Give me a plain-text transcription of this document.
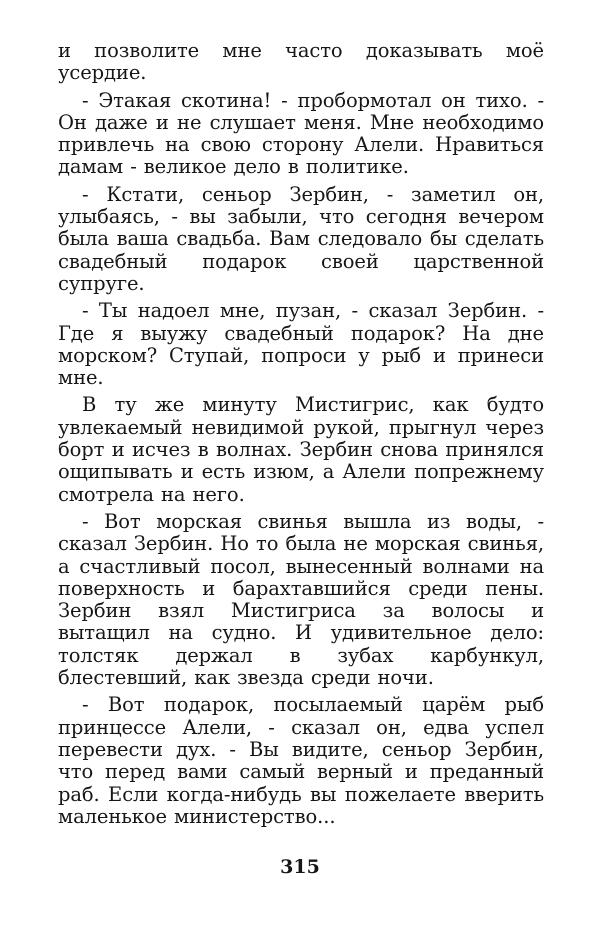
и позволите мне часто доказывать моё усердие.

- Этакая скотина! - пробормотал он тихо. - Он даже и не слушает меня. Мне необходимо привлечь на свою сторону Алели. Нравиться дамам - великое дело в политике.

- Кстати, сеньор Зербин, - заметил он, улыбаясь, - вы забыли, что сегодня вечером была ваша свадьба. Вам следовало бы сделать свадебный подарок своей царственной супруге.

- Ты надоел мне, пузан, - сказал Зербин. - Где я выужу свадебный подарок? На дне морском? Ступай, попроси у рыб и принеси мне.

В ту же минуту Мистигрис, как будто увлекаемый невидимой рукой, прыгнул через борт и исчез в волнах. Зербин снова принялся ощипывать и есть изюм, а Алели попрежнему смотрела на него.

- Вот морская свинья вышла из воды, - сказал Зербин. Но то была не морская свинья, а счастливый посол, вынесенный волнами на поверхность и барахтавшийся среди пены. Зербин взял Мистигриса за волосы и вытащил на судно. И удивительное дело: толстяк держал в зубах карбункул, блестевший, как звезда среди ночи.

- Вот подарок, посылаемый царём рыб принцессе Алели, - сказал он, едва успел перевести дух. - Вы видите, сеньор Зербин, что перед вами самый верный и преданный раб. Если когда-нибудь вы пожелаете вверить маленькое министерство...

315
